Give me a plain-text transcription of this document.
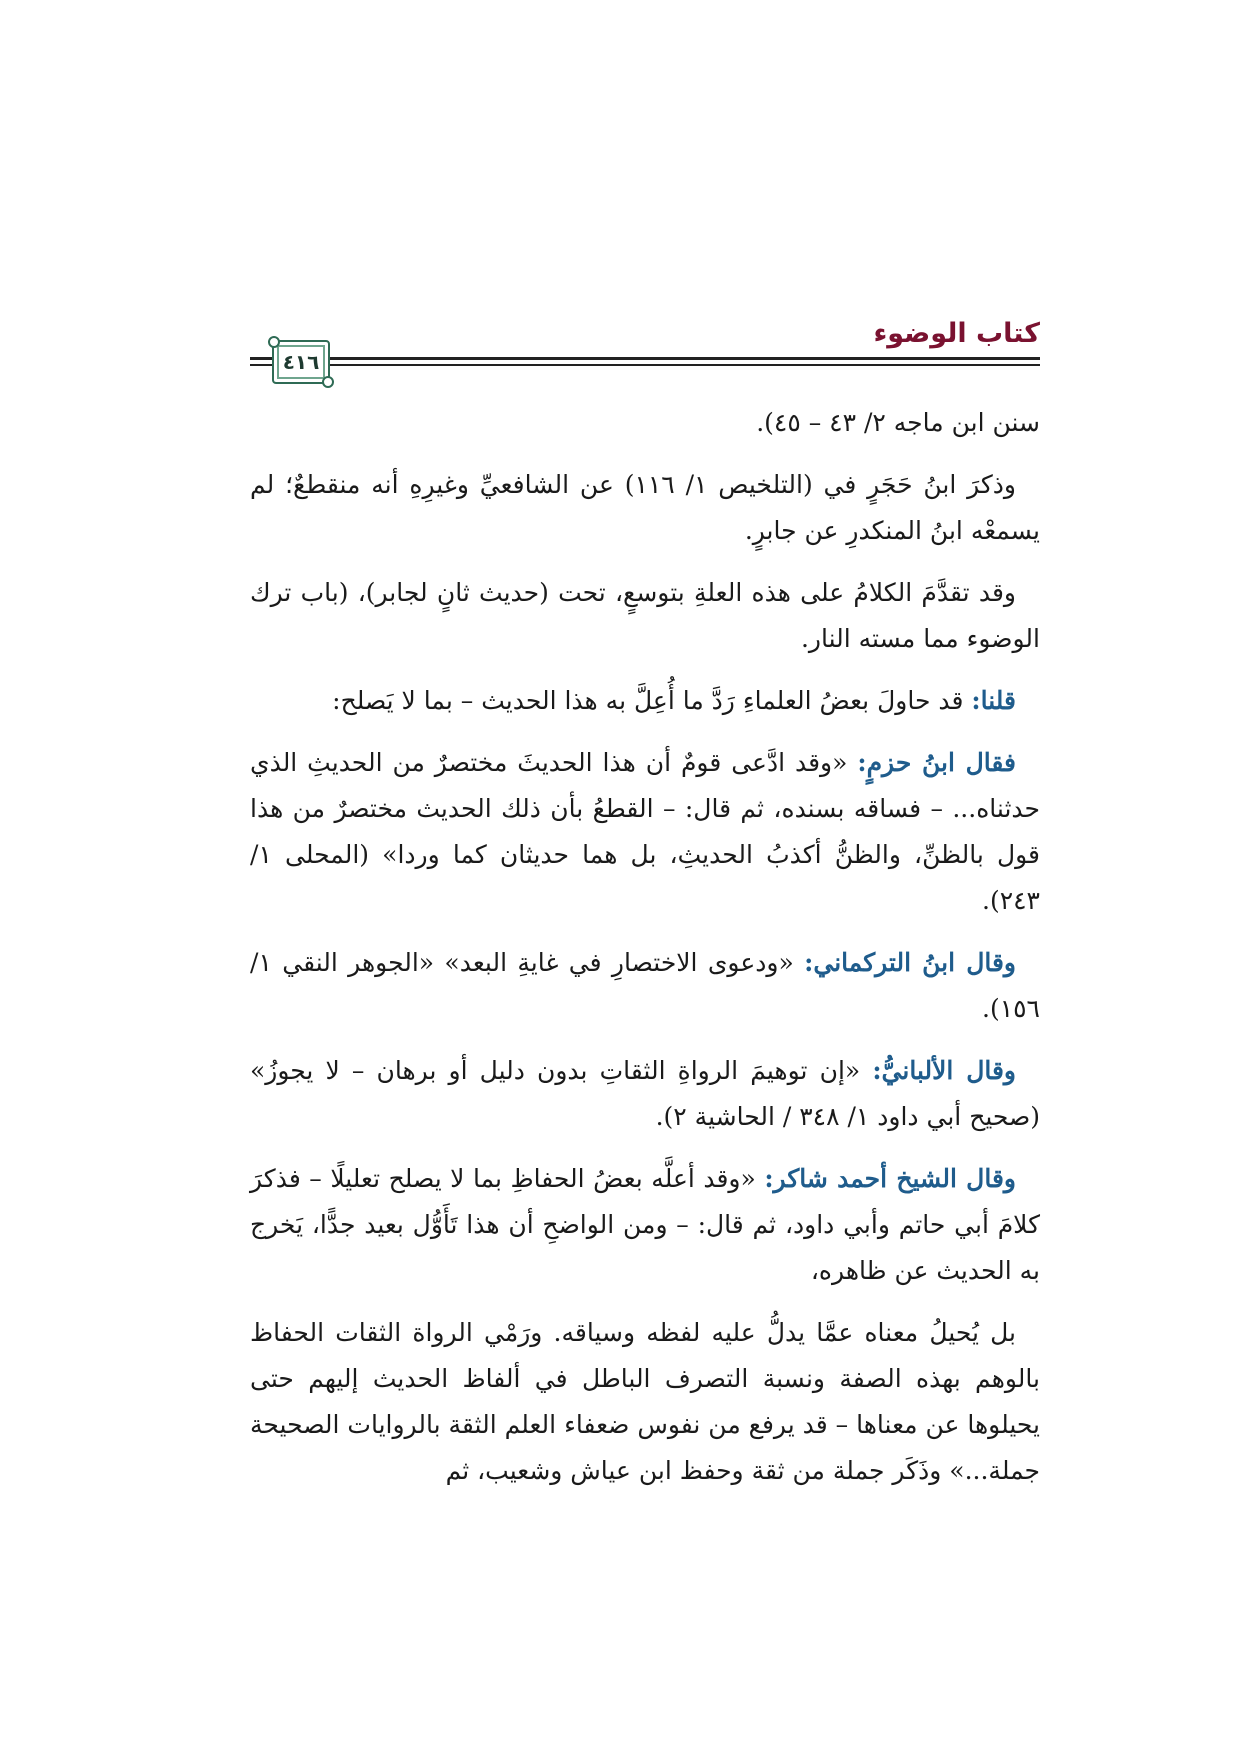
كتاب الوضوء
٤١٦

سنن ابن ماجه ٢/ ٤٣ – ٤٥).

وذكرَ ابنُ حَجَرٍ في (التلخيص ١/ ١١٦) عن الشافعيِّ وغيرِهِ أنه منقطعٌ؛ لم يسمعْه ابنُ المنكدرِ عن جابرٍ.

وقد تقدَّمَ الكلامُ على هذه العلةِ بتوسعٍ، تحت (حديث ثانٍ لجابر)، (باب ترك الوضوء مما مسته النار.

قلنا: قد حاولَ بعضُ العلماءِ رَدَّ ما أُعِلَّ به هذا الحديث – بما لا يَصلح:

فقال ابنُ حزمٍ: «وقد ادَّعى قومٌ أن هذا الحديثَ مختصرٌ من الحديثِ الذي حدثناه... – فساقه بسنده، ثم قال: – القطعُ بأن ذلك الحديث مختصرٌ من هذا قول بالظنِّ، والظنُّ أكذبُ الحديثِ، بل هما حديثان كما وردا» (المحلى ١/ ٢٤٣).

وقال ابنُ التركماني: «ودعوى الاختصارِ في غايةِ البعد» «الجوهر النقي ١/ ١٥٦).

وقال الألبانيُّ: «إن توهيمَ الرواةِ الثقاتِ بدون دليل أو برهان – لا يجوزُ» (صحيح أبي داود ١/ ٣٤٨ / الحاشية ٢).

وقال الشيخ أحمد شاكر: «وقد أعلَّه بعضُ الحفاظِ بما لا يصلح تعليلًا – فذكرَ كلامَ أبي حاتم وأبي داود، ثم قال: – ومن الواضحِ أن هذا تَأَوُّل بعيد جدًّا، يَخرج به الحديث عن ظاهره،

بل يُحيلُ معناه عمَّا يدلُّ عليه لفظه وسياقه. ورَمْي الرواة الثقات الحفاظ بالوهم بهذه الصفة ونسبة التصرف الباطل في ألفاظ الحديث إليهم حتى يحيلوها عن معناها – قد يرفع من نفوس ضعفاء العلم الثقة بالروايات الصحيحة جملة...» وذَكَر جملة من ثقة وحفظ ابن عياش وشعيب، ثم
